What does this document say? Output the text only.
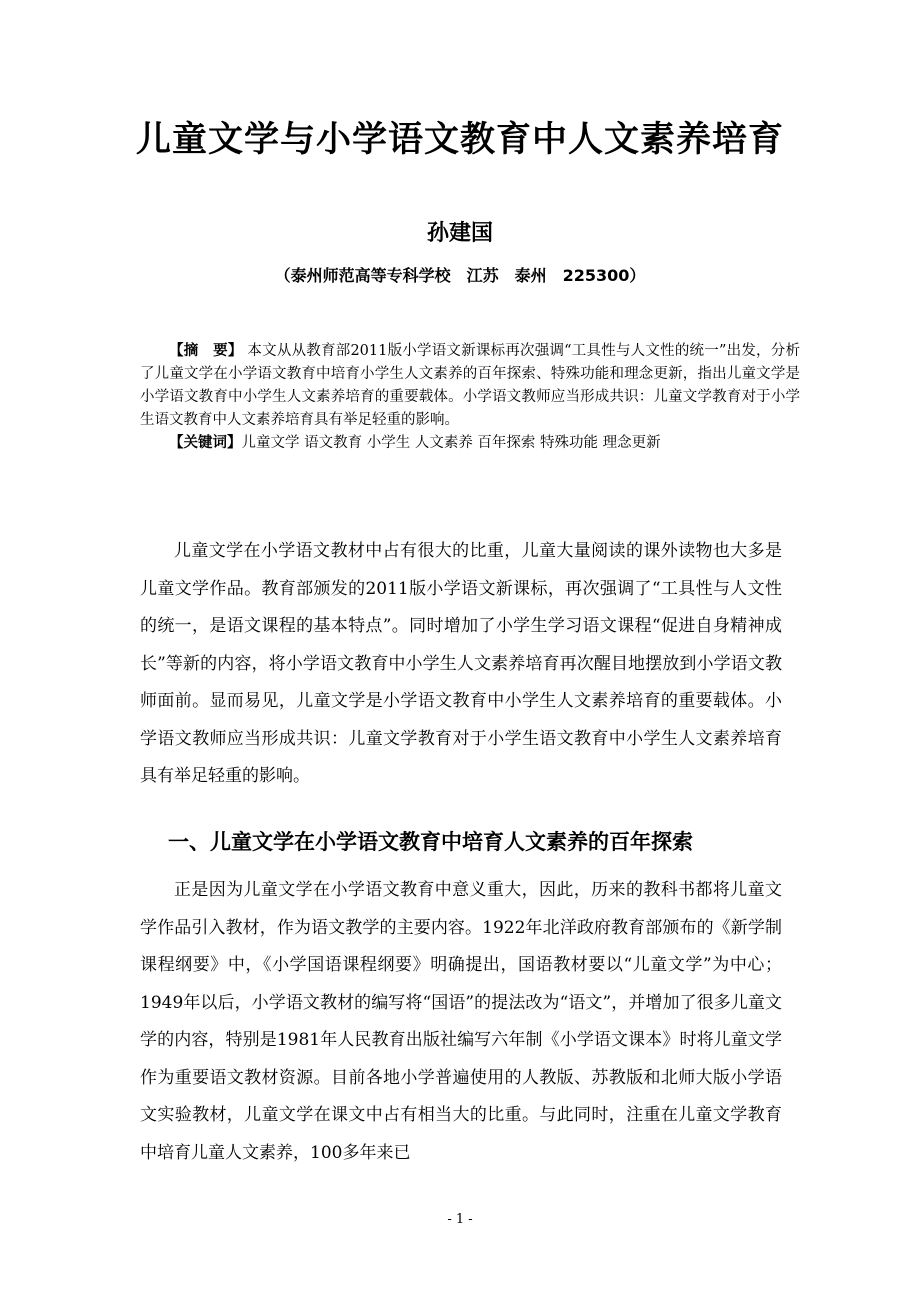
儿童文学与小学语文教育中人文素养培育
孙建国
（泰州师范高等专科学校　江苏　泰州　225300）

【摘　要】 本文从从教育部2011版小学语文新课标再次强调“工具性与人文性的统一”出发，分析了儿童文学在小学语文教育中培育小学生人文素养的百年探索、特殊功能和理念更新，指出儿童文学是小学语文教育中小学生人文素养培育的重要载体。小学语文教师应当形成共识：儿童文学教育对于小学生语文教育中人文素养培育具有举足轻重的影响。

【关键词】儿童文学 语文教育 小学生 人文素养 百年探索 特殊功能 理念更新

儿童文学在小学语文教材中占有很大的比重，儿童大量阅读的课外读物也大多是儿童文学作品。教育部颁发的2011版小学语文新课标，再次强调了“工具性与人文性的统一，是语文课程的基本特点”。同时增加了小学生学习语文课程“促进自身精神成长”等新的内容，将小学语文教育中小学生人文素养培育再次醒目地摆放到小学语文教师面前。显而易见，儿童文学是小学语文教育中小学生人文素养培育的重要载体。小学语文教师应当形成共识：儿童文学教育对于小学生语文教育中小学生人文素养培育具有举足轻重的影响。

一、儿童文学在小学语文教育中培育人文素养的百年探索

正是因为儿童文学在小学语文教育中意义重大，因此，历来的教科书都将儿童文学作品引入教材，作为语文教学的主要内容。1922年北洋政府教育部颁布的《新学制课程纲要》中，《小学国语课程纲要》明确提出，国语教材要以“儿童文学”为中心；1949年以后，小学语文教材的编写将“国语”的提法改为“语文”，并增加了很多儿童文学的内容，特别是1981年人民教育出版社编写六年制《小学语文课本》时将儿童文学作为重要语文教材资源。目前各地小学普遍使用的人教版、苏教版和北师大版小学语文实验教材，儿童文学在课文中占有相当大的比重。与此同时，注重在儿童文学教育中培育儿童人文素养，100多年来已

- 1 -
